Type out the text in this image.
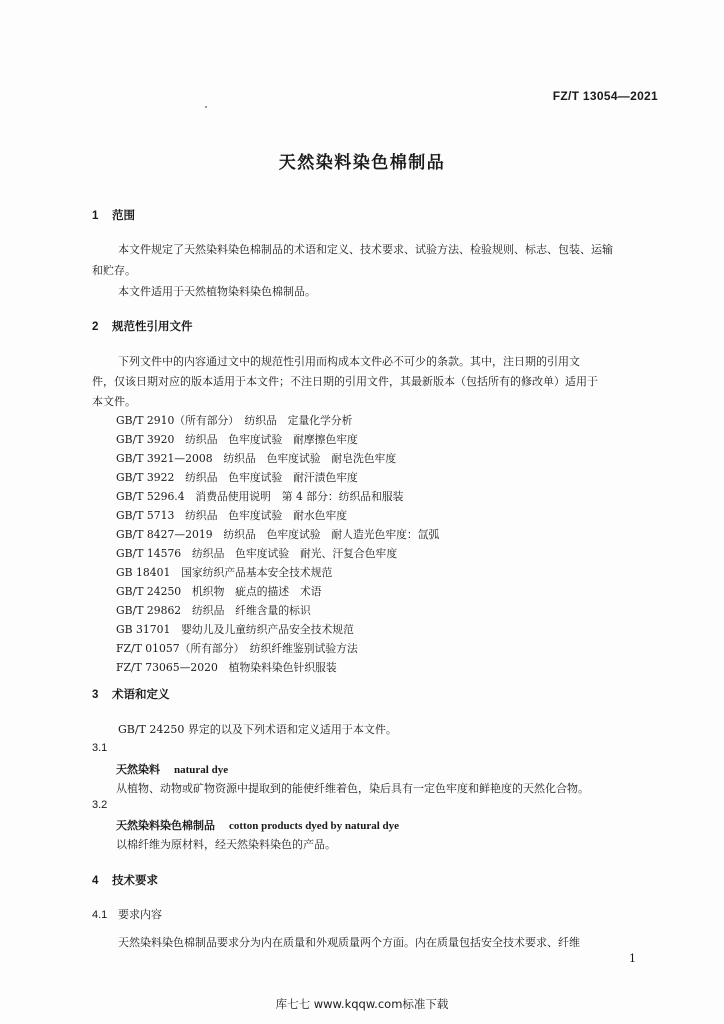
FZ/T 13054—2021
天然染料染色棉制品
1 范围
本文件规定了天然染料染色棉制品的术语和定义、技术要求、试验方法、检验规则、标志、包装、运输
和贮存。
本文件适用于天然植物染料染色棉制品。
2 规范性引用文件
下列文件中的内容通过文中的规范性引用而构成本文件必不可少的条款。其中，注日期的引用文
件，仅该日期对应的版本适用于本文件；不注日期的引用文件，其最新版本（包括所有的修改单）适用于
本文件。
GB/T 2910（所有部分）　纺织品　定量化学分析
GB/T 3920　纺织品　色牢度试验　耐摩擦色牢度
GB/T 3921—2008　纺织品　色牢度试验　耐皂洗色牢度
GB/T 3922　纺织品　色牢度试验　耐汗渍色牢度
GB/T 5296.4　消费品使用说明　第 4 部分：纺织品和服装
GB/T 5713　纺织品　色牢度试验　耐水色牢度
GB/T 8427—2019　纺织品　色牢度试验　耐人造光色牢度：氙弧
GB/T 14576　纺织品　色牢度试验　耐光、汗复合色牢度
GB 18401　国家纺织产品基本安全技术规范
GB/T 24250　机织物　疵点的描述　术语
GB/T 29862　纺织品　纤维含量的标识
GB 31701　婴幼儿及儿童纺织产品安全技术规范
FZ/T 01057（所有部分）　纺织纤维鉴别试验方法
FZ/T 73065—2020　植物染料染色针织服装
3 术语和定义
GB/T 24250 界定的以及下列术语和定义适用于本文件。
3.1
天然染料 natural dye
从植物、动物或矿物资源中提取到的能使纤维着色，染后具有一定色牢度和鲜艳度的天然化合物。
3.2
天然染料染色棉制品 cotton products dyed by natural dye
以棉纤维为原材料，经天然染料染色的产品。
4 技术要求
4.1 要求内容
天然染料染色棉制品要求分为内在质量和外观质量两个方面。内在质量包括安全技术要求、纤维
1
库七七 www.kqqw.com标准下载
